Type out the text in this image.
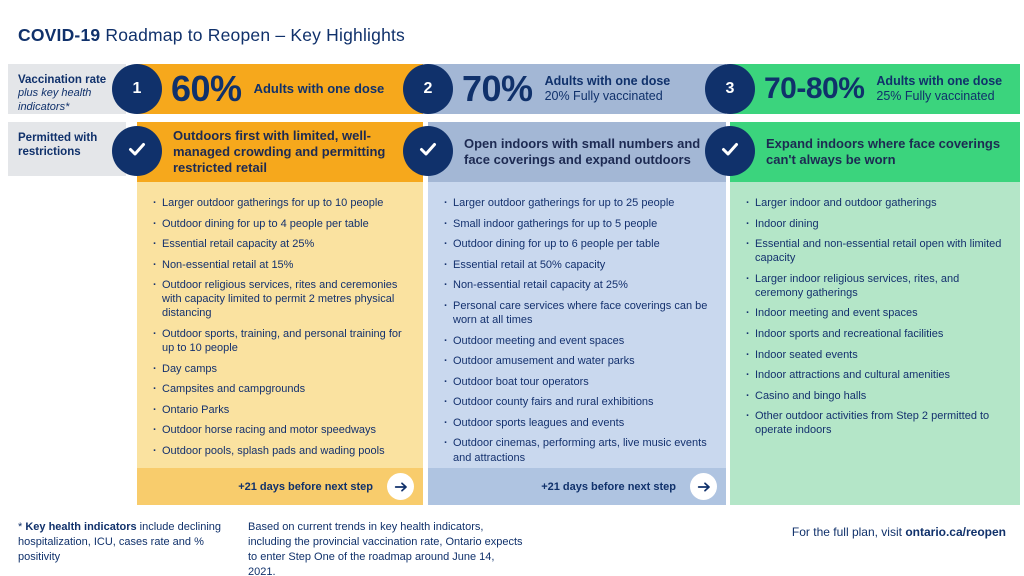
COVID-19 Roadmap to Reopen – Key Highlights
Vaccination rate
plus key health indicators*
Permitted with restrictions
60% Adults with one dose
Outdoors first with limited, well-managed crowding and permitting restricted retail
· Larger outdoor gatherings for up to 10 people
· Outdoor dining for up to 4 people per table
· Essential retail capacity at 25%
· Non-essential retail at 15%
· Outdoor religious services, rites and ceremonies with capacity limited to permit 2 metres physical distancing
· Outdoor sports, training, and personal training for up to 10 people
· Day camps
· Campsites and campgrounds
· Ontario Parks
· Outdoor horse racing and motor speedways
· Outdoor pools, splash pads and wading pools
+21 days before next step
70% Adults with one dose
20% Fully vaccinated
Open indoors with small numbers and face coverings and expand outdoors
· Larger outdoor gatherings for up to 25 people
· Small indoor gatherings for up to 5 people
· Outdoor dining for up to 6 people per table
· Essential retail at 50% capacity
· Non-essential retail capacity at 25%
· Personal care services where face coverings can be worn at all times
· Outdoor meeting and event spaces
· Outdoor amusement and water parks
· Outdoor boat tour operators
· Outdoor county fairs and rural exhibitions
· Outdoor sports leagues and events
· Outdoor cinemas, performing arts, live music events and attractions
+21 days before next step
70-80% Adults with one dose
25% Fully vaccinated
Expand indoors where face coverings can't always be worn
· Larger indoor and outdoor gatherings
· Indoor dining
· Essential and non-essential retail open with limited capacity
· Larger indoor religious services, rites, and ceremony gatherings
· Indoor meeting and event spaces
· Indoor sports and recreational facilities
· Indoor seated events
· Indoor attractions and cultural amenities
· Casino and bingo halls
· Other outdoor activities from Step 2 permitted to operate indoors
1	2	3
* Key health indicators include declining hospitalization, ICU, cases rate and % positivity
Based on current trends in key health indicators, including the provincial vaccination rate, Ontario expects to enter Step One of the roadmap around June 14, 2021.
For the full plan, visit ontario.ca/reopen
